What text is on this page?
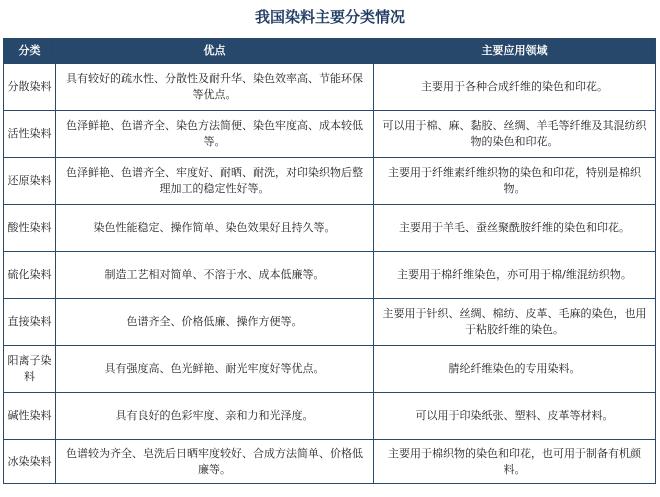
我国染料主要分类情况
分类	优点	主要应用领域
分散染料	具有较好的疏水性、分散性及耐升华、染色效率高、节能环保等优点。	主要用于各种合成纤维的染色和印花。
活性染料	色泽鲜艳、色谱齐全、染色方法简便、染色牢度高、成本较低等。	可以用于棉、麻、黏胶、丝绸、羊毛等纤维及其混纺织物的染色和印花。
还原染料	色泽鲜艳、色谱齐全、牢度好、耐晒、耐洗，对印染织物后整理加工的稳定性好等。	主要用于纤维素纤维织物的染色和印花，特别是棉织物。
酸性染料	染色性能稳定、操作简单、染色效果好且持久等。	主要用于羊毛、蚕丝聚酰胺纤维的染色和印花。
硫化染料	制造工艺相对简单、不溶于水、成本低廉等。	主要用于棉纤维染色，亦可用于棉/维混纺织物。
直接染料	色谱齐全、价格低廉、操作方便等。	主要用于针织、丝绸、棉纺、皮革、毛麻的染色，也用于粘胶纤维的染色。
阳离子染料	具有强度高、色光鲜艳、耐光牢度好等优点。	腈纶纤维染色的专用染料。
碱性染料	具有良好的色彩牢度、亲和力和光泽度。	可以用于印染纸张、塑料、皮革等材料。
冰染染料	色谱较为齐全、皂洗后日晒牢度较好、合成方法简单、价格低廉等。	主要用于棉织物的染色和印花，也可用于制备有机颜料。
